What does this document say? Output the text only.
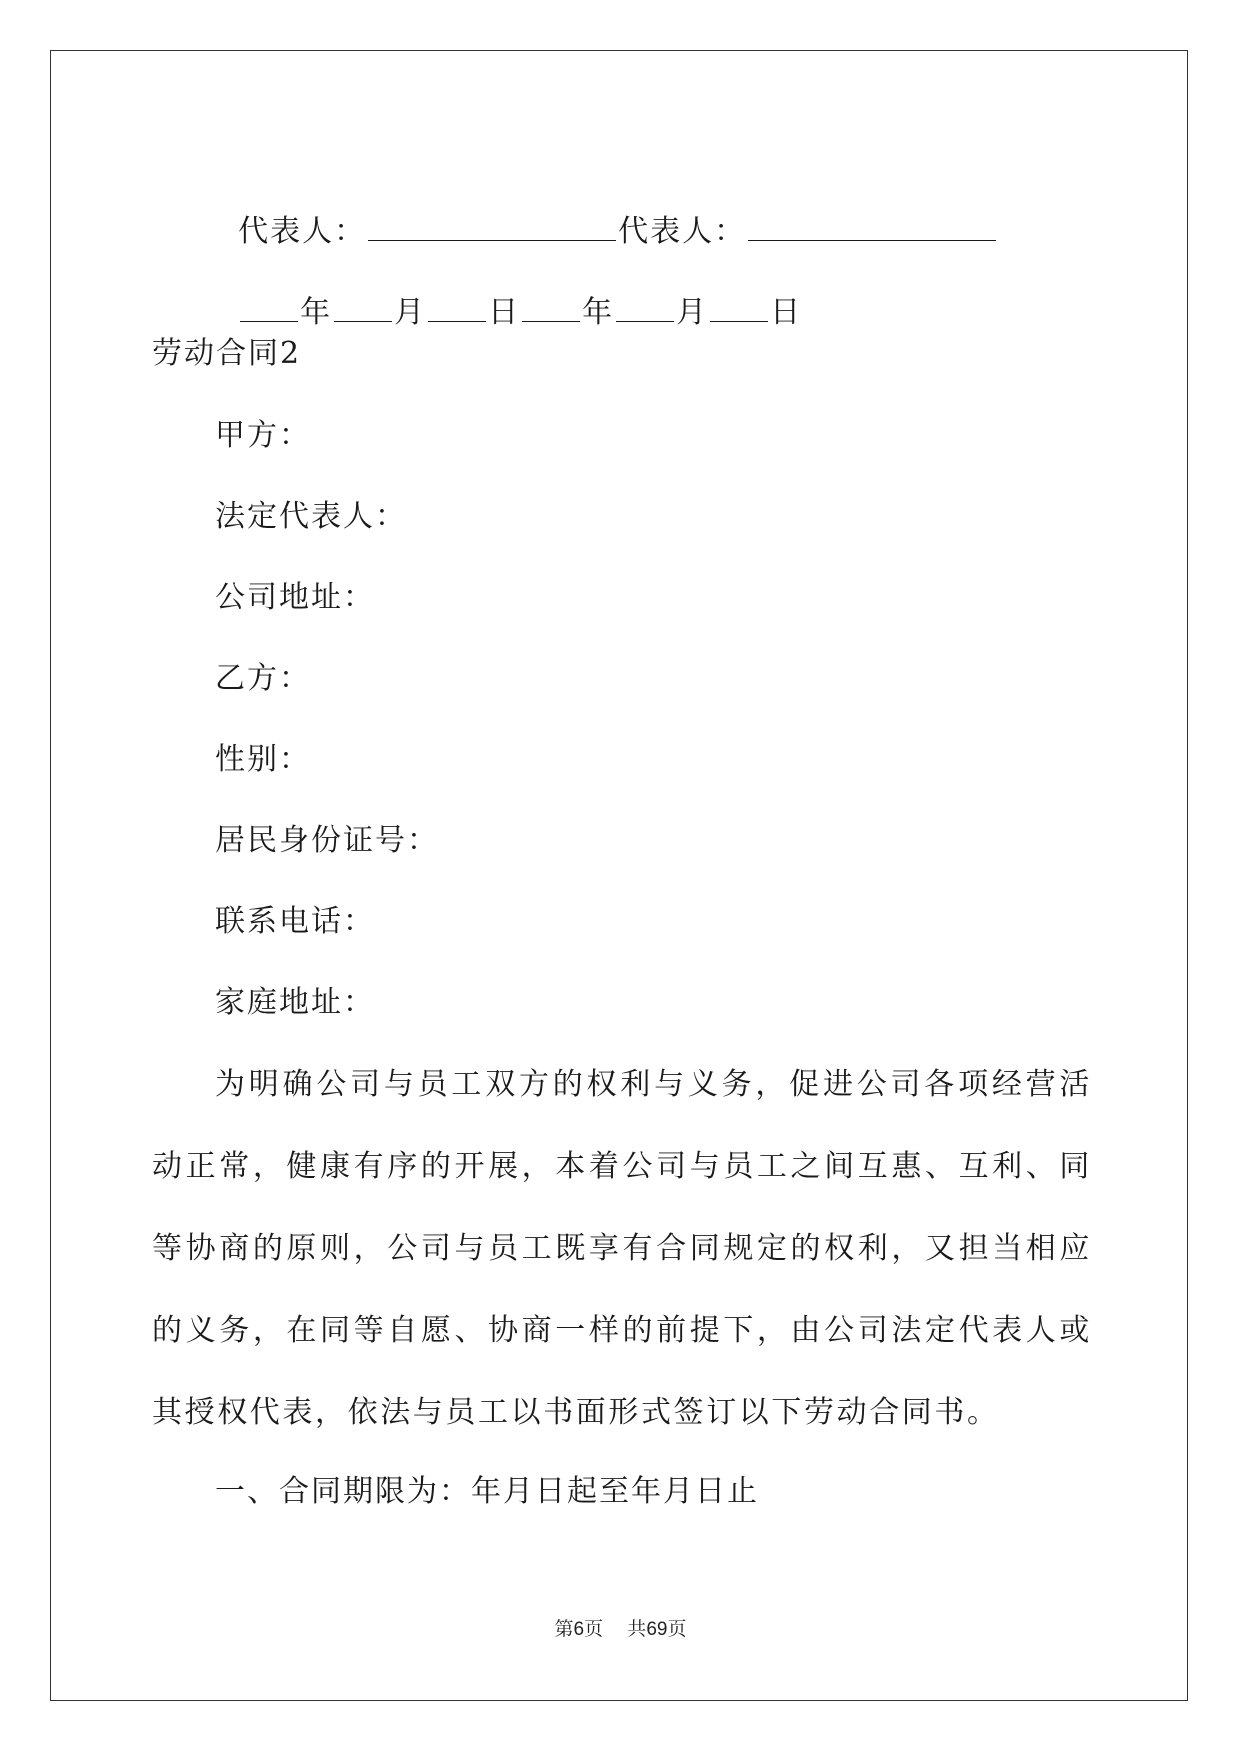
代表人：	代表人：

年 月 日 年 月 日

劳动合同2
甲方：
法定代表人：
公司地址：
乙方：
性别：
居民身份证号：
联系电话：
家庭地址：
为明确公司与员工双方的权利与义务，促进公司各项经营活动正常，健康有序的开展，本着公司与员工之间互惠、互利、同等协商的原则，公司与员工既享有合同规定的权利，又担当相应的义务，在同等自愿、协商一样的前提下，由公司法定代表人或其授权代表，依法与员工以书面形式签订以下劳动合同书。
一、合同期限为：年月日起至年月日止
第6页 共69页
